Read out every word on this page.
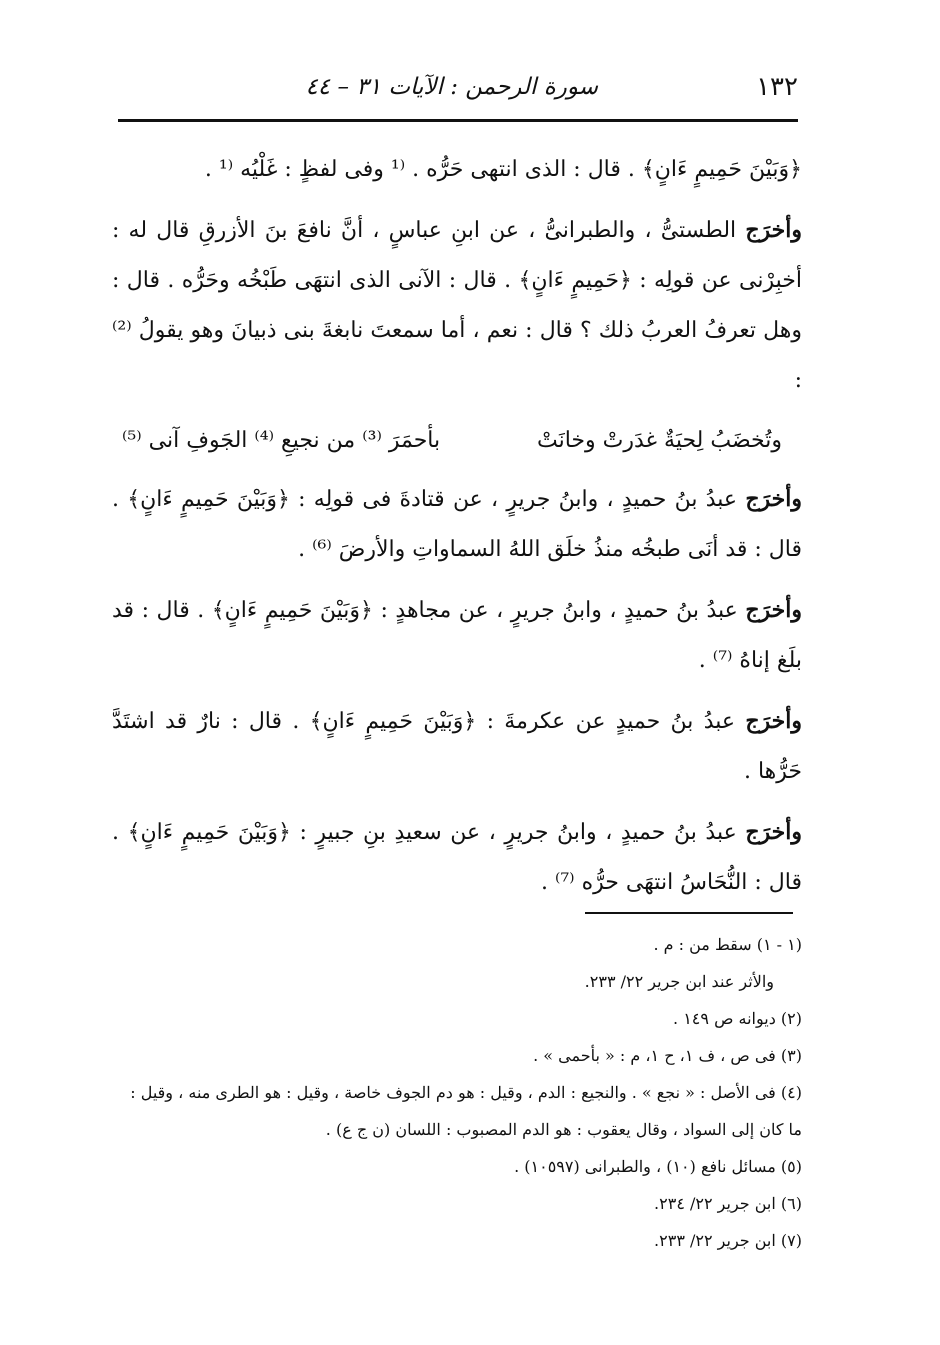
١٣٢
سورة الرحمن : الآيات ٣١ – ٤٤

﴿وَبَيْنَ حَمِيمٍ ءَانٍ﴾ . قال : الذى انتهى حَرُّه . ⁽¹ وفى لفظٍ : غَلْيُه ⁽¹ .

وأخرَج الطستىُّ ، والطبرانىُّ ، عن ابنِ عباسٍ ، أنَّ نافعَ بنَ الأزرقِ قال له : أخبِرْنى عن قولِه : ﴿حَمِيمٍ ءَانٍ﴾ . قال : الآنى الذى انتهَى طَبْخُه وحَرُّه . قال : وهل تعرفُ العربُ ذلك ؟ قال : نعم ، أما سمعتَ نابغةَ بنى ذبيانَ وهو يقولُ ⁽²⁾ :

وتُخضَبُ لِحيَةٌ غدَرتْ وخانَتْ
بأحمَرَ ⁽³⁾ من نجيعِ ⁽⁴⁾ الجَوفِ آنى ⁽⁵⁾

وأخرَج عبدُ بنُ حميدٍ ، وابنُ جريرٍ ، عن قتادةَ فى قولِه : ﴿وَبَيْنَ حَمِيمٍ ءَانٍ﴾ . قال : قد أنَى طبخُه منذُ خلَق اللهُ السماواتِ والأرضَ ⁽⁶⁾ .

وأخرَج عبدُ بنُ حميدٍ ، وابنُ جريرٍ ، عن مجاهدٍ : ﴿وَبَيْنَ حَمِيمٍ ءَانٍ﴾ . قال : قد بلَغ إناهُ ⁽⁷⁾ .

وأخرَج عبدُ بنُ حميدٍ عن عكرمةَ : ﴿وَبَيْنَ حَمِيمٍ ءَانٍ﴾ . قال : نارٌ قد اشتَدَّ حَرُّها .

وأخرَج عبدُ بنُ حميدٍ ، وابنُ جريرٍ ، عن سعيدِ بنِ جبيرٍ : ﴿وَبَيْنَ حَمِيمٍ ءَانٍ﴾ . قال : النُّحَاسُ انتهَى حرُّه ⁽⁷⁾ .

(١ - ١) سقط من : م .

والأثر عند ابن جرير ٢٢/ ٢٣٣.

(٢) ديوانه ص ١٤٩ .

(٣) فى ص ، ف ١، ح ١، م : « بأحمى » .

(٤) فى الأصل : « نجع » . والنجيع : الدم ، وقيل : هو دم الجوف خاصة ، وقيل : هو الطرى منه ، وقيل :

ما كان إلى السواد ، وقال يعقوب : هو الدم المصبوب : اللسان (ن ج ع) .

(٥) مسائل نافع (١٠) ، والطبرانى (١٠٥٩٧) .

(٦) ابن جرير ٢٢/ ٢٣٤.

(٧) ابن جرير ٢٢/ ٢٣٣.
